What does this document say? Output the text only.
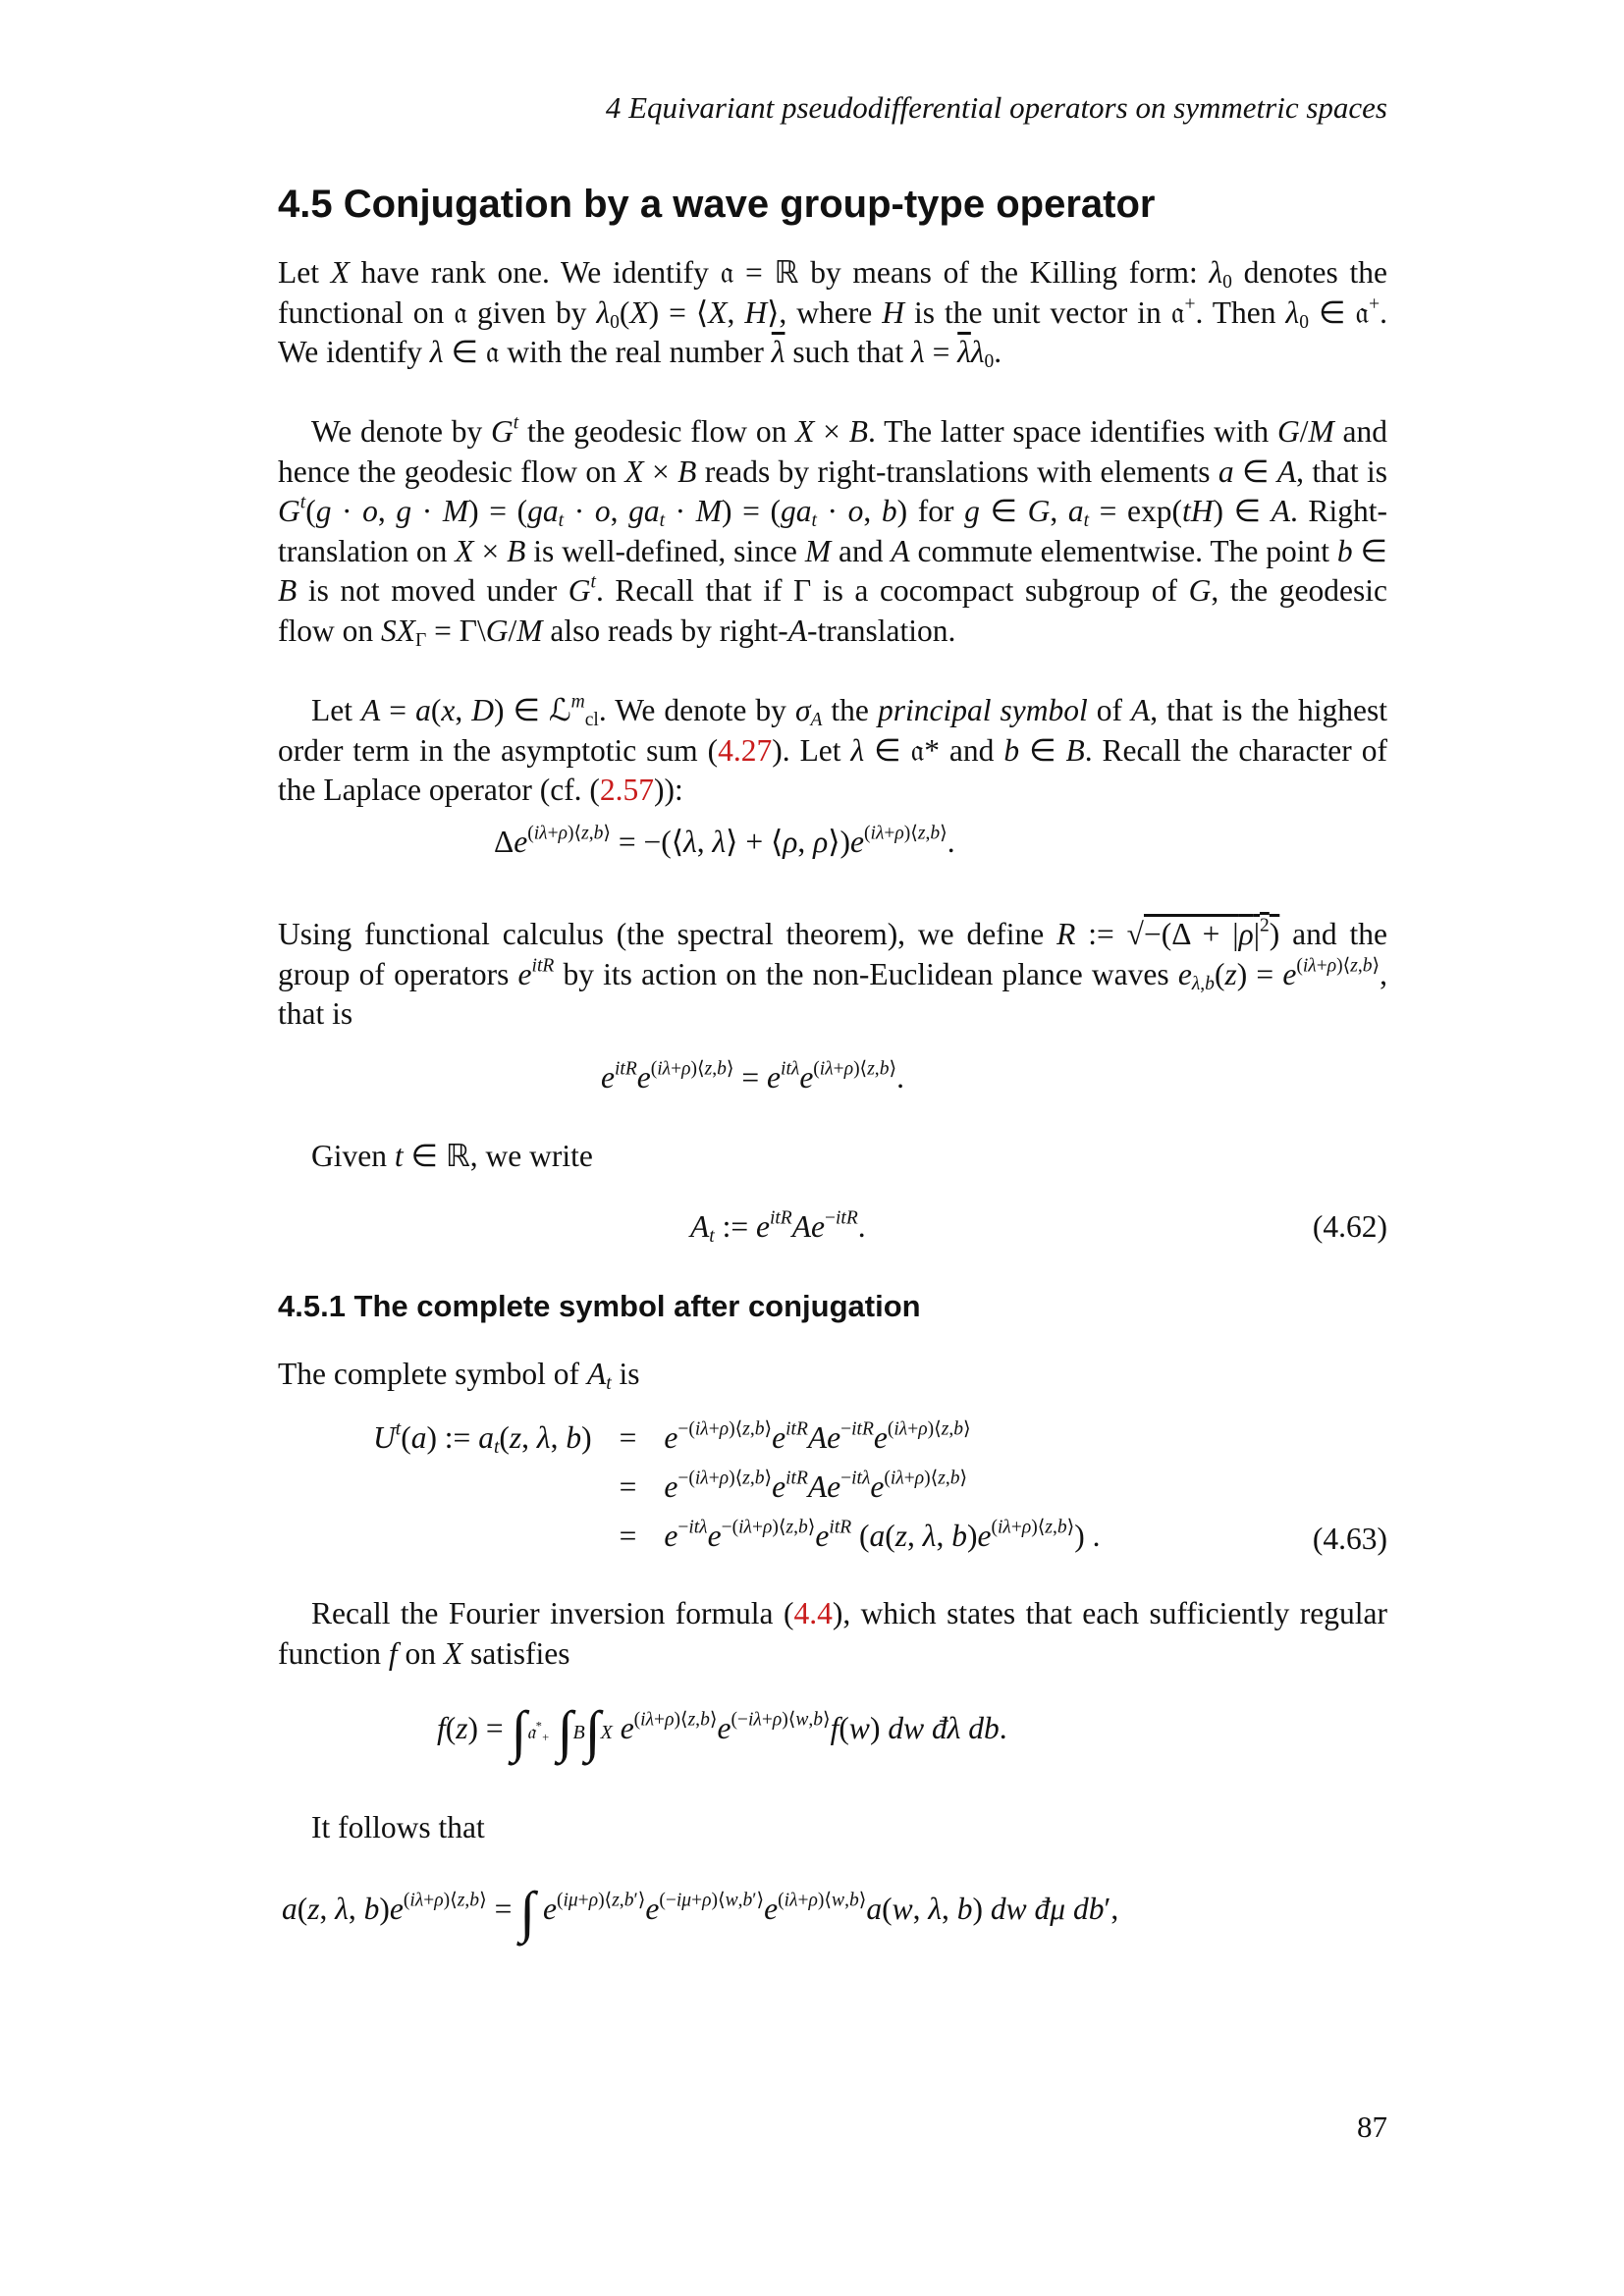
4 Equivariant pseudodifferential operators on symmetric spaces
4.5 Conjugation by a wave group-type operator

Let X have rank one. We identify 𝔞 = ℝ by means of the Killing form: $\lambda_0$ denotes the functional on 𝔞 given by $\lambda_0(X)$ = ⟨X, H⟩, where H is the unit vector in 𝔞+. Then $\lambda_0$ ∈ 𝔞+. We identify λ ∈ 𝔞 with the real number $\overline{\lambda}$ such that $\lambda = \overline{\lambda}\lambda_0$.

We denote by $G^t$ the geodesic flow on X × B. The latter space identifies with G/M and hence the geodesic flow on X × B reads by right-translations with elements a ∈ A, that is $G^t(g \cdot o$, $g \cdot M) = (ga_t \cdot o$, $ga_t \cdot M) = (ga_t \cdot o$, b) for g ∈ G, $a_t = \exp(tH)$ ∈ A. Right-translation on X × B is well-defined, since M and A commute elementwise. The point b ∈ B is not moved under $G^t$. Recall that if Γ is a cocompact subgroup of G, the geodesic flow on $SX_\Gamma$ = Γ\G/M also reads by right-A-translation.

Let A = a(x, D) ∈ ℒ$^m_{cl}$. We denote by $\sigma_A$ the principal symbol of A, that is the highest order term in the asymptotic sum (4.27). Let λ ∈ 𝔞* and b ∈ B. Recall the character of the Laplace operator (cf. (2.57)):

$\Delta e^{(i\lambda+\rho)⟨z,b⟩}$ = −(⟨λ, λ⟩ + ⟨ρ, $\rho⟩)e^{(i\lambda+\rho)⟨z,b⟩}$.

Using functional calculus (the spectral theorem), we define R := $√-(\Delta + |\rho|^2)$ and the group of operators $e^{itR}$ by its action on the non-Euclidean plance waves $e_{\lambda,b}(z) = e^{(i\lambda+\rho)⟨z,b⟩}$, that is

$e^{itR}e^{(i\lambda+\rho)⟨z,b⟩} = e^{it\lambda}e^{(i\lambda+\rho)⟨z,b⟩}$.

Given t ∈ ℝ, we write

$A_t$ := $e^{itR}Ae^{-itR}$.	(4.62)
4.5.1 The complete symbol after conjugation

The complete symbol of $A_t$ is

$U^t(a)$ := $a_t(z$, λ, b)	=	$e^{-(i\lambda+\rho)⟨z,b⟩}e^{itR}Ae^{-itR}e^{(i\lambda+\rho)⟨z,b⟩}$
	=	$e^{-(i\lambda+\rho)⟨z,b⟩}e^{itR}Ae^{-it\lambda}e^{(i\lambda+\rho)⟨z,b⟩}$
	=	$e^{-it\lambda}e^{-(i\lambda+\rho)⟨z,b⟩}e^{itR}$ (a(z, λ, $b)e^{(i\lambda+\rho)⟨z,b⟩}$) .	(4.63)

Recall the Fourier inversion formula (4.4), which states that each sufficiently regular function f on X satisfies

f(z) = ∫𝔞*$_+$ ∫B∫X $e^{(i\lambda+\rho)⟨z,b⟩}e^{(-i\lambda+\rho)⟨w,b⟩}f(w)$ dw đλ db.

It follows that

a(z, λ, $b)e^{(i\lambda+\rho)⟨z,b⟩}$ = ∫ $e^{(i\mu+\rho)⟨z,b'⟩}e^{(-i\mu+\rho)⟨w,b'⟩}e^{(i\lambda+\rho)⟨w,b⟩}a(w$, λ, b) dw đμ db′,
87
